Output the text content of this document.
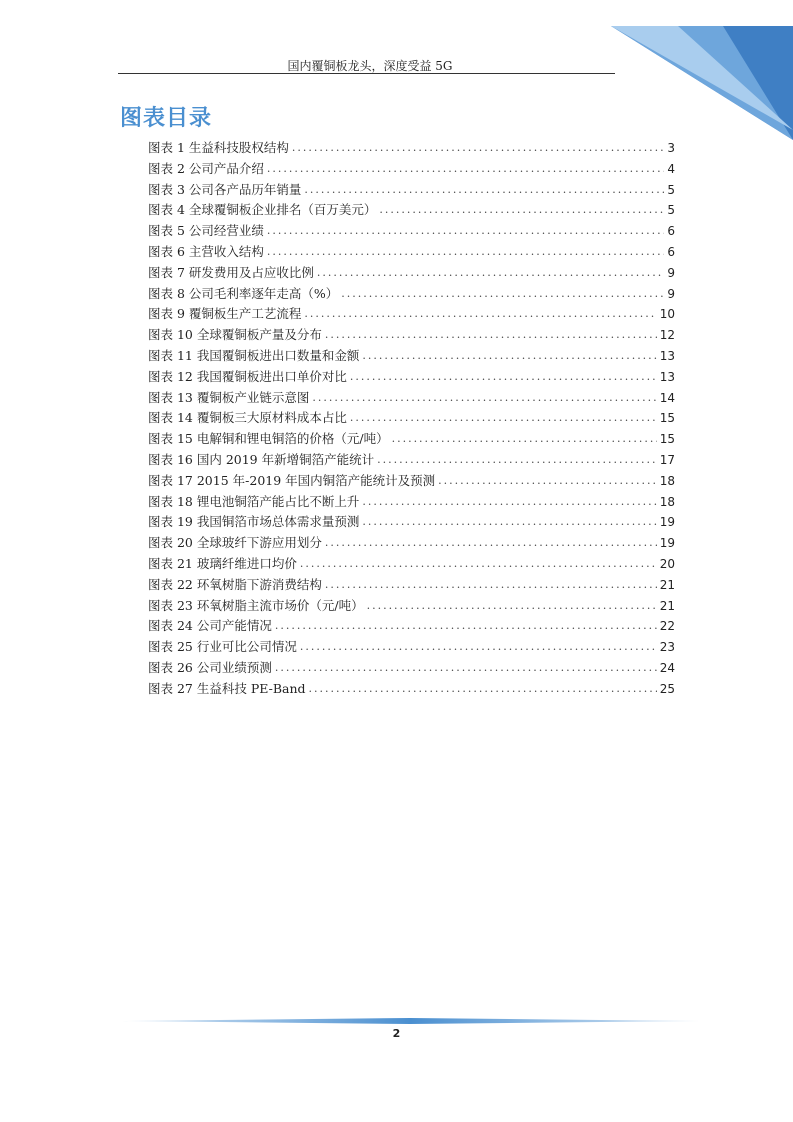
国内覆铜板龙头，深度受益 5G
图表目录
图表 1 生益科技股权结构 .....	3
图表 2 公司产品介绍 .....	4
图表 3 公司各产品历年销量 .....	5
图表 4 全球覆铜板企业排名（百万美元） .....	5
图表 5 公司经营业绩 .....	6
图表 6 主营收入结构 .....	6
图表 7 研发费用及占应收比例 .....	9
图表 8 公司毛利率逐年走高（%） .....	9
图表 9 覆铜板生产工艺流程 .....	10
图表 10 全球覆铜板产量及分布 .....	12
图表 11 我国覆铜板进出口数量和金额 .....	13
图表 12 我国覆铜板进出口单价对比 .....	13
图表 13 覆铜板产业链示意图 .....	14
图表 14 覆铜板三大原材料成本占比 .....	15
图表 15 电解铜和锂电铜箔的价格（元/吨） .....	15
图表 16 国内 2019 年新增铜箔产能统计 .....	17
图表 17 2015 年-2019 年国内铜箔产能统计及预测 .....	18
图表 18 锂电池铜箔产能占比不断上升 .....	18
图表 19 我国铜箔市场总体需求量预测 .....	19
图表 20 全球玻纤下游应用划分 .....	19
图表 21 玻璃纤维进口均价 .....	20
图表 22 环氧树脂下游消费结构 .....	21
图表 23 环氧树脂主流市场价（元/吨） .....	21
图表 24 公司产能情况 .....	22
图表 25 行业可比公司情况 .....	23
图表 26 公司业绩预测 .....	24
图表 27 生益科技 PE-Band .....	25
2
